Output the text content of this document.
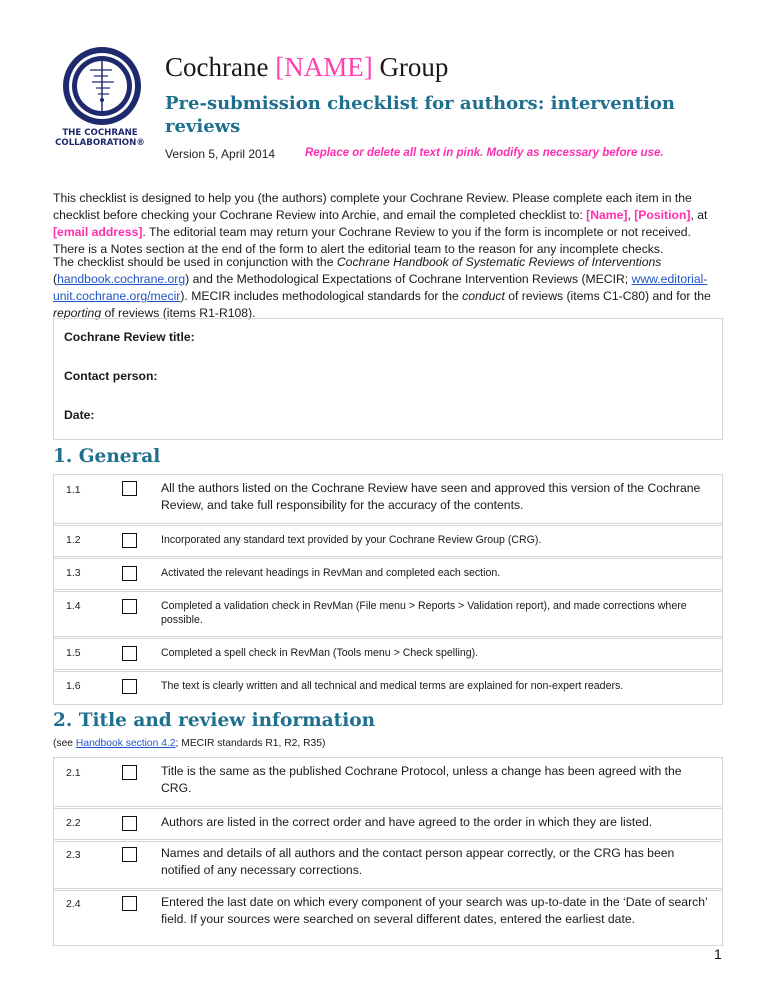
THE COCHRANE COLLABORATION®
Cochrane [NAME] Group
Pre-submission checklist for authors: intervention reviews
Version 5, April 2014	Replace or delete all text in pink. Modify as necessary before use.
This checklist is designed to help you (the authors) complete your Cochrane Review. Please complete each item in the checklist before checking your Cochrane Review into Archie, and email the completed checklist to: [Name], [Position], at [email address]. The editorial team may return your Cochrane Review to you if the form is incomplete or not received. There is a Notes section at the end of the form to alert the editorial team to the reason for any incomplete checks.
The checklist should be used in conjunction with the Cochrane Handbook of Systematic Reviews of Interventions (handbook.cochrane.org) and the Methodological Expectations of Cochrane Intervention Reviews (MECIR; www.editorial-unit.cochrane.org/mecir). MECIR includes methodological standards for the conduct of reviews (items C1-C80) and for the reporting of reviews (items R1-R108).
Cochrane Review title:
Contact person:
Date:
1. General
1.1	All the authors listed on the Cochrane Review have seen and approved this version of the Cochrane Review, and take full responsibility for the accuracy of the contents.
1.2	Incorporated any standard text provided by your Cochrane Review Group (CRG).
1.3	Activated the relevant headings in RevMan and completed each section.
1.4	Completed a validation check in RevMan (File menu > Reports > Validation report), and made corrections where possible.
1.5	Completed a spell check in RevMan (Tools menu > Check spelling).
1.6	The text is clearly written and all technical and medical terms are explained for non-expert readers.
2. Title and review information
(see Handbook section 4.2; MECIR standards R1, R2, R35)
2.1	Title is the same as the published Cochrane Protocol, unless a change has been agreed with the CRG.
2.2	Authors are listed in the correct order and have agreed to the order in which they are listed.
2.3	Names and details of all authors and the contact person appear correctly, or the CRG has been notified of any necessary corrections.
2.4	Entered the last date on which every component of your search was up-to-date in the ‘Date of search’ field. If your sources were searched on several different dates, entered the earliest date.
1
